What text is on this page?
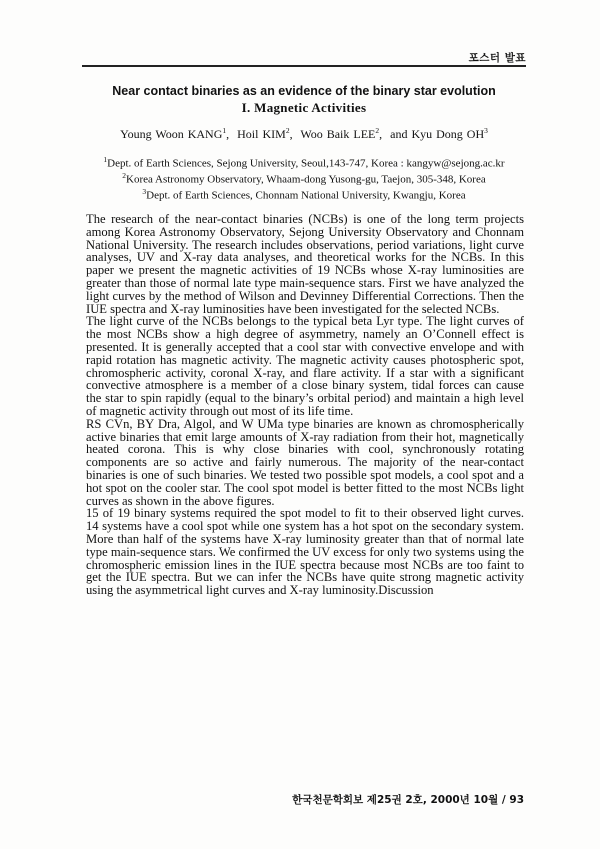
포스터 발표
Near contact binaries as an evidence of the binary star evolution
I. Magnetic Activities
Young Woon KANG$^1$,  Hoil KIM$^2$,  Woo Baik LEE$^2$,  and Kyu Dong $OH^3$
$^1$Dept. of Earth Sciences, Sejong University, Seoul,143-747, Korea : kangyw@sejong.ac.kr
$^2$Korea Astronomy Observatory, Whaam-dong Yusong-gu, Taejon, 305-348, Korea
$^3$Dept. of Earth Sciences, Chonnam National University, Kwangju, Korea

The research of the near-contact binaries (NCBs) is one of the long term projects among Korea Astronomy Observatory, Sejong University Observatory and Chonnam National University. The research includes observations, period variations, light curve analyses, UV and X-ray data analyses, and theoretical works for the NCBs. In this paper we present the magnetic activities of 19 NCBs whose X-ray luminosities are greater than those of normal late type main-sequence stars. First we have analyzed the light curves by the method of Wilson and Devinney Differential Corrections. Then the IUE spectra and X-ray luminosities have been investigated for the selected NCBs.

The light curve of the NCBs belongs to the typical beta Lyr type. The light curves of the most NCBs show a high degree of asymmetry, namely an O’Connell effect is presented. It is generally accepted that a cool star with convective envelope and with rapid rotation has magnetic activity. The magnetic activity causes photospheric spot, chromospheric activity, coronal X-ray, and flare activity. If a star with a significant convective atmosphere is a member of a close binary system, tidal forces can cause the star to spin rapidly (equal to the binary’s orbital period) and maintain a high level of magnetic activity through out most of its life time.

RS CVn, BY Dra, Algol, and W UMa type binaries are known as chromospherically active binaries that emit large amounts of X-ray radiation from their hot, magnetically heated corona. This is why close binaries with cool, synchronously rotating components are so active and fairly numerous. The majority of the near-contact binaries is one of such binaries. We tested two possible spot models, a cool spot and a hot spot on the cooler star. The cool spot model is better fitted to the most NCBs light curves as shown in the above figures.

15 of 19 binary systems required the spot model to fit to their observed light curves. 14 systems have a cool spot while one system has a hot spot on the secondary system. More than half of the systems have X-ray luminosity greater than that of normal late type main-sequence stars. We confirmed the UV excess for only two systems using the chromospheric emission lines in the IUE spectra because most NCBs are too faint to get the IUE spectra. But we can infer the NCBs have quite strong magnetic activity using the asymmetrical light curves and X-ray luminosity.Discussion

한국천문학회보 제25권 2호, 2000년 10월 / 93
